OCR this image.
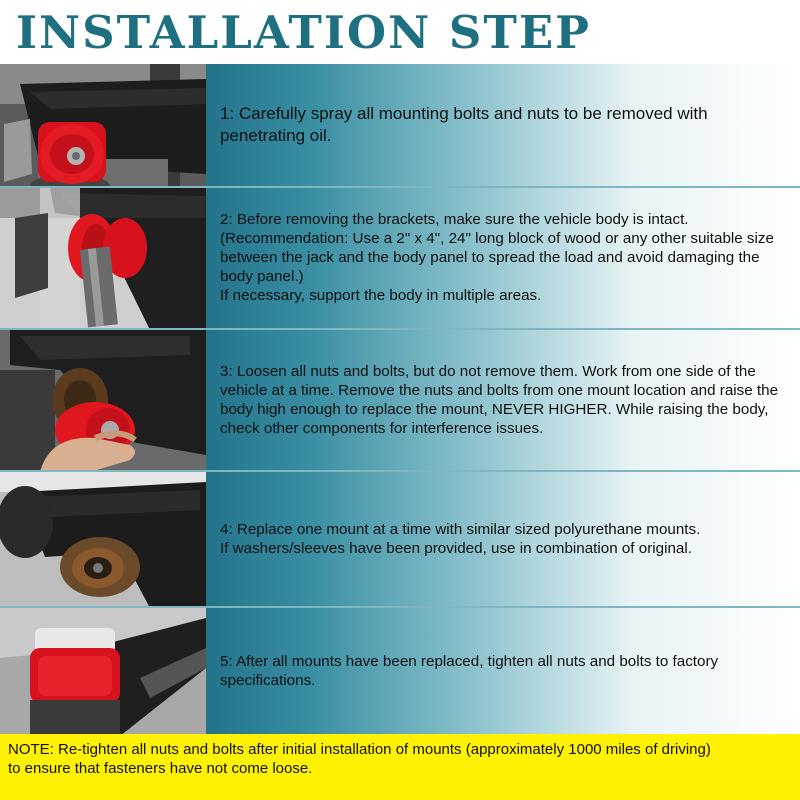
INSTALLATION STEP
1: Carefully spray all mounting bolts and nuts to be removed with penetrating oil.
2: Before removing the brackets, make sure the vehicle body is intact.
(Recommendation: Use a 2" x 4", 24" long block of wood or any other suitable size between the jack and the body panel to spread the load and avoid damaging the body panel.)
If necessary, support the body in multiple areas.
3: Loosen all nuts and bolts, but do not remove them. Work from one side of the vehicle at a time. Remove the nuts and bolts from one mount location and raise the body high enough to replace the mount, NEVER HIGHER. While raising the body, check other components for interference issues.
4: Replace one mount at a time with similar sized polyurethane mounts.
If washers/sleeves have been provided, use in combination of original.
5: After all mounts have been replaced, tighten all nuts and bolts to factory specifications.
NOTE: Re-tighten all nuts and bolts after initial installation of mounts (approximately 1000 miles of driving)
to ensure that fasteners have not come loose.
